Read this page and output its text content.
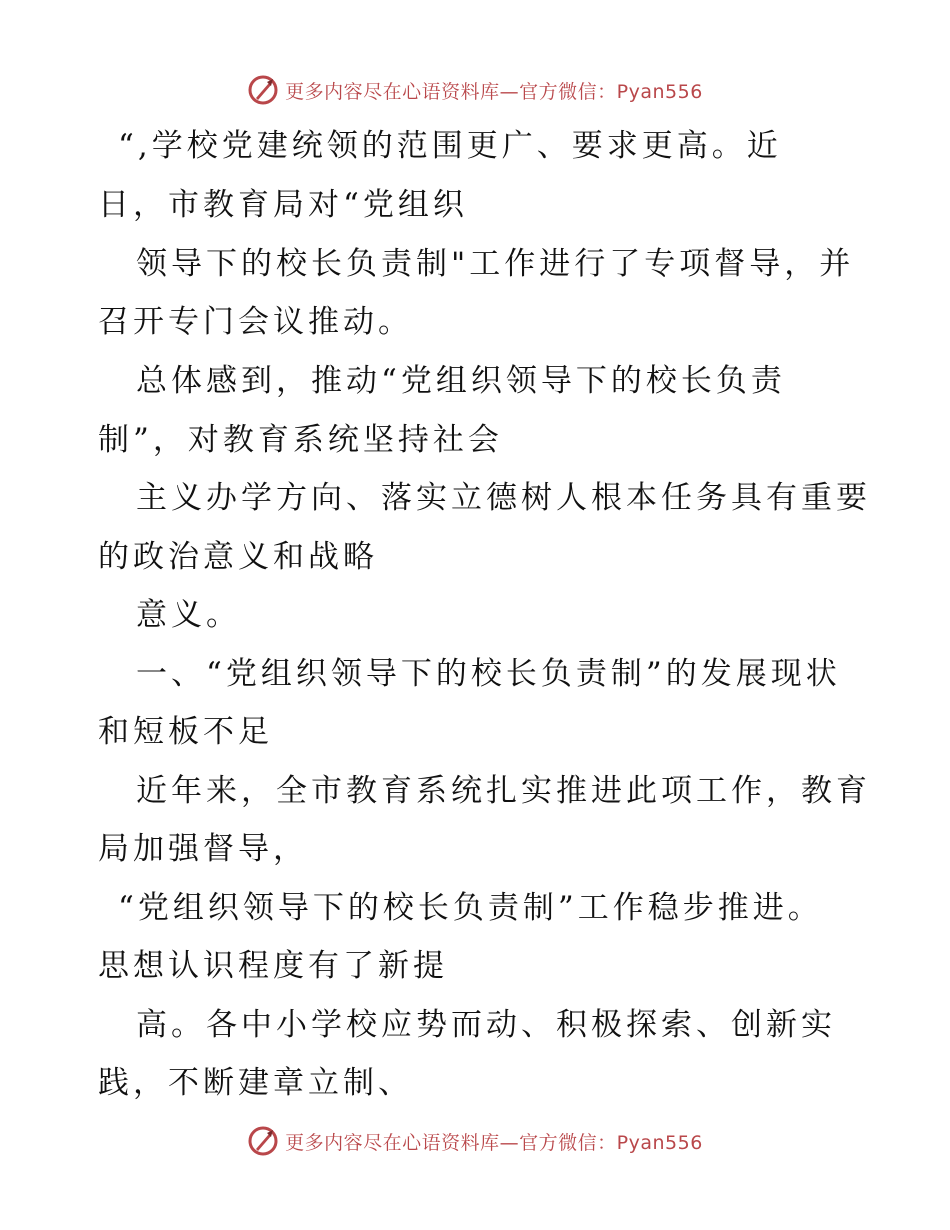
更多内容尽在心语资料库—官方微信：Pyan556
“,学校党建统领的范围更广、要求更高。近
日，市教育局对“党组织
领导下的校长负责制"工作进行了专项督导，并
召开专门会议推动。
总体感到，推动“党组织领导下的校长负责
制”，对教育系统坚持社会
主义办学方向、落实立德树人根本任务具有重要
的政治意义和战略
意义。
一、“党组织领导下的校长负责制”的发展现状
和短板不足
近年来，全市教育系统扎实推进此项工作，教育
局加强督导，
“党组织领导下的校长负责制”工作稳步推进。
思想认识程度有了新提
高。各中小学校应势而动、积极探索、创新实
践，不断建章立制、
更多内容尽在心语资料库—官方微信：Pyan556
